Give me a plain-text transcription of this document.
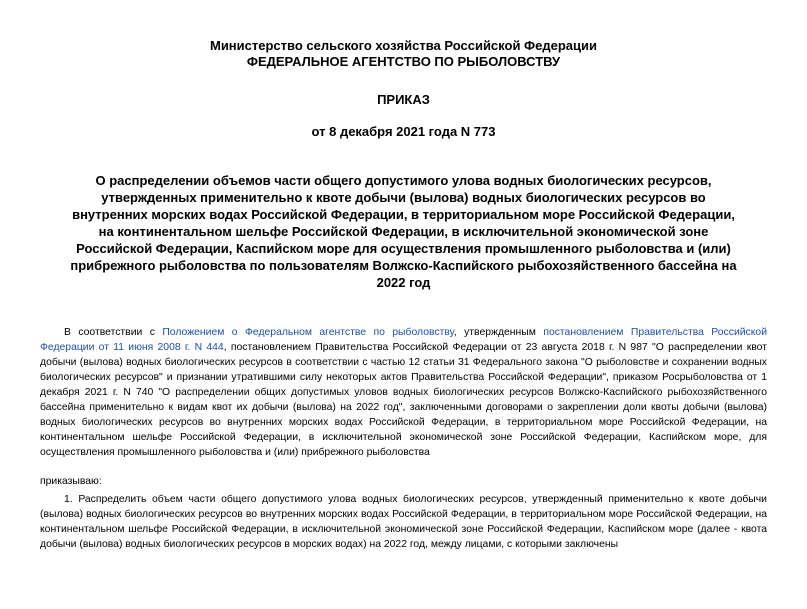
Министерство сельского хозяйства Российской Федерации
ФЕДЕРАЛЬНОЕ АГЕНТСТВО ПО РЫБОЛОВСТВУ
ПРИКАЗ
от 8 декабря 2021 года N 773
О распределении объемов части общего допустимого улова водных биологических ресурсов, утвержденных применительно к квоте добычи (вылова) водных биологических ресурсов во внутренних морских водах Российской Федерации, в территориальном море Российской Федерации, на континентальном шельфе Российской Федерации, в исключительной экономической зоне Российской Федерации, Каспийском море для осуществления промышленного рыболовства и (или) прибрежного рыболовства по пользователям Волжско-Каспийского рыбохозяйственного бассейна на 2022 год

В соответствии с Положением о Федеральном агентстве по рыболовству, утвержденным постановлением Правительства Российской Федерации от 11 июня 2008 г. N 444, постановлением Правительства Российской Федерации от 23 августа 2018 г. N 987 "О распределении квот добычи (вылова) водных биологических ресурсов в соответствии с частью 12 статьи 31 Федерального закона "О рыболовстве и сохранении водных биологических ресурсов" и признании утратившими силу некоторых актов Правительства Российской Федерации", приказом Росрыболовства от 1 декабря 2021 г. N 740 "О распределении общих допустимых уловов водных биологических ресурсов Волжско-Каспийского рыбохозяйственного бассейна применительно к видам квот их добычи (вылова) на 2022 год", заключенными договорами о закреплении доли квоты добычи (вылова) водных биологических ресурсов во внутренних морских водах Российской Федерации, в территориальном море Российской Федерации, на континентальном шельфе Российской Федерации, в исключительной экономической зоне Российской Федерации, Каспийском море, для осуществления промышленного рыболовства и (или) прибрежного рыболовства

приказываю:

1. Распределить объем части общего допустимого улова водных биологических ресурсов, утвержденный применительно к квоте добычи (вылова) водных биологических ресурсов во внутренних морских водах Российской Федерации, в территориальном море Российской Федерации, на континентальном шельфе Российской Федерации, в исключительной экономической зоне Российской Федерации, Каспийском море (далее - квота добычи (вылова) водных биологических ресурсов в морских водах) на 2022 год, между лицами, с которыми заключены
